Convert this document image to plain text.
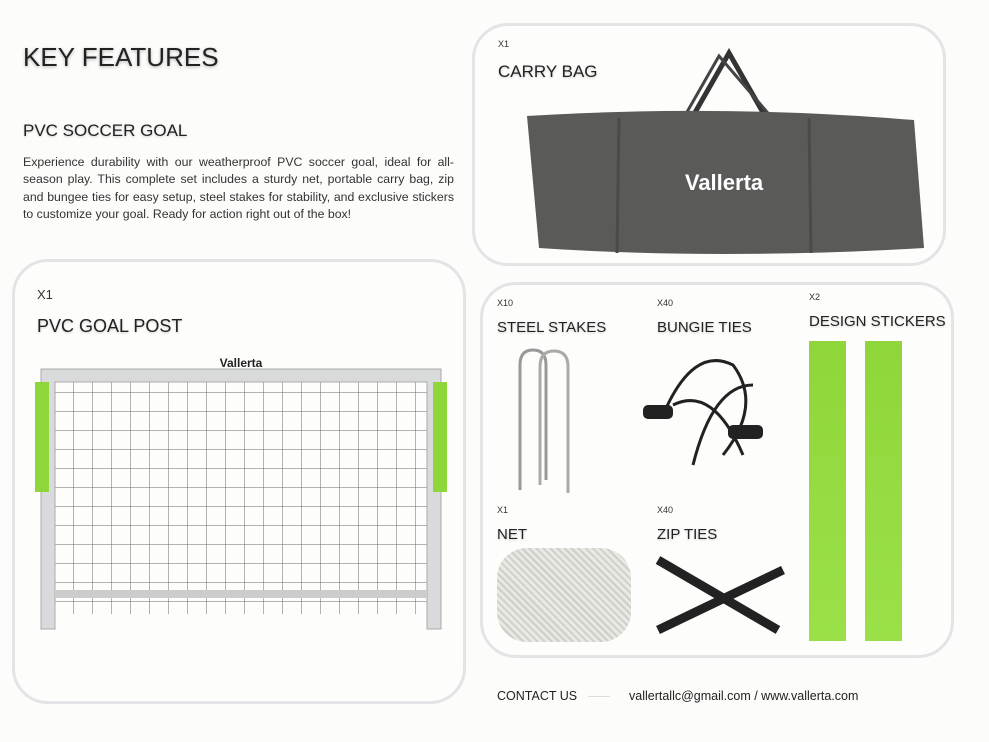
KEY FEATURES
PVC SOCCER GOAL

Experience durability with our weatherproof PVC soccer goal, ideal for all-season play. This complete set includes a sturdy net, portable carry bag, zip and bungee ties for easy setup, steel stakes for stability, and exclusive stickers to customize your goal. Ready for action right out of the box!

X1
PVC GOAL POST
Vallerta
X1
CARRY BAG
Vallerta
X10
STEEL STAKES
X40
BUNGIE TIES
X2
DESIGN STICKERS
X1
NET
X40
ZIP TIES
CONTACT US	vallertallc@gmail.com / www.vallerta.com
